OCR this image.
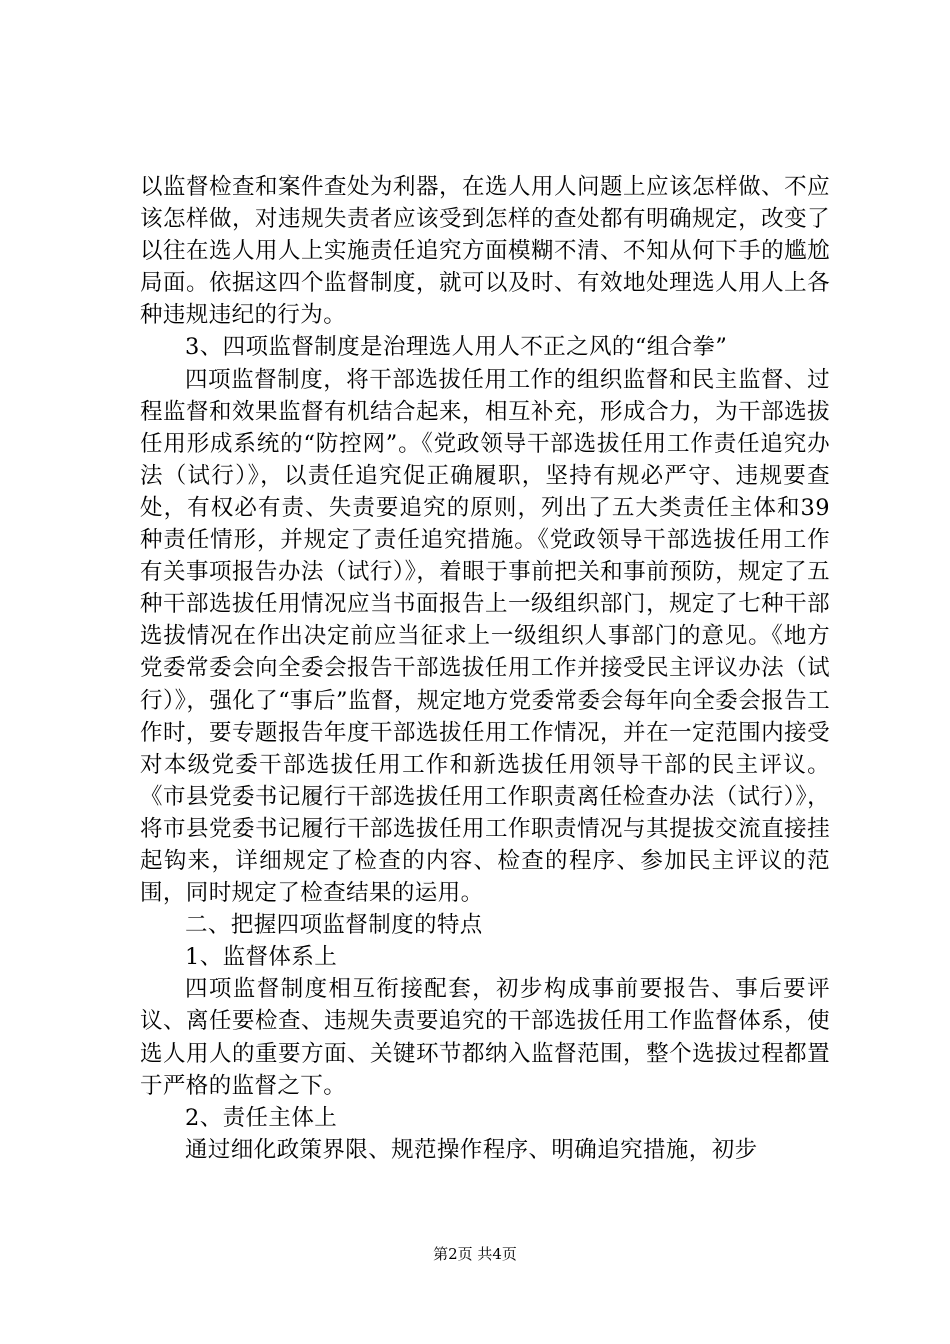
以监督检查和案件查处为利器，在选人用人问题上应该怎样做、不应该怎样做，对违规失责者应该受到怎样的查处都有明确规定，改变了以往在选人用人上实施责任追究方面模糊不清、不知从何下手的尴尬局面。依据这四个监督制度，就可以及时、有效地处理选人用人上各种违规违纪的行为。

3、四项监督制度是治理选人用人不正之风的“组合拳”

四项监督制度，将干部选拔任用工作的组织监督和民主监督、过程监督和效果监督有机结合起来，相互补充，形成合力，为干部选拔任用形成系统的“防控网”。《党政领导干部选拔任用工作责任追究办法（试行）》，以责任追究促正确履职，坚持有规必严守、违规要查处，有权必有责、失责要追究的原则，列出了五大类责任主体和39种责任情形，并规定了责任追究措施。《党政领导干部选拔任用工作有关事项报告办法（试行）》，着眼于事前把关和事前预防，规定了五种干部选拔任用情况应当书面报告上一级组织部门，规定了七种干部选拔情况在作出决定前应当征求上一级组织人事部门的意见。《地方党委常委会向全委会报告干部选拔任用工作并接受民主评议办法（试行）》，强化了“事后”监督，规定地方党委常委会每年向全委会报告工作时，要专题报告年度干部选拔任用工作情况，并在一定范围内接受对本级党委干部选拔任用工作和新选拔任用领导干部的民主评议。《市县党委书记履行干部选拔任用工作职责离任检查办法（试行）》，将市县党委书记履行干部选拔任用工作职责情况与其提拔交流直接挂起钩来，详细规定了检查的内容、检查的程序、参加民主评议的范围，同时规定了检查结果的运用。

二、把握四项监督制度的特点

1、监督体系上

四项监督制度相互衔接配套，初步构成事前要报告、事后要评议、离任要检查、违规失责要追究的干部选拔任用工作监督体系，使选人用人的重要方面、关键环节都纳入监督范围，整个选拔过程都置于严格的监督之下。

2、责任主体上

通过细化政策界限、规范操作程序、明确追究措施，初步

第2页 共4页
